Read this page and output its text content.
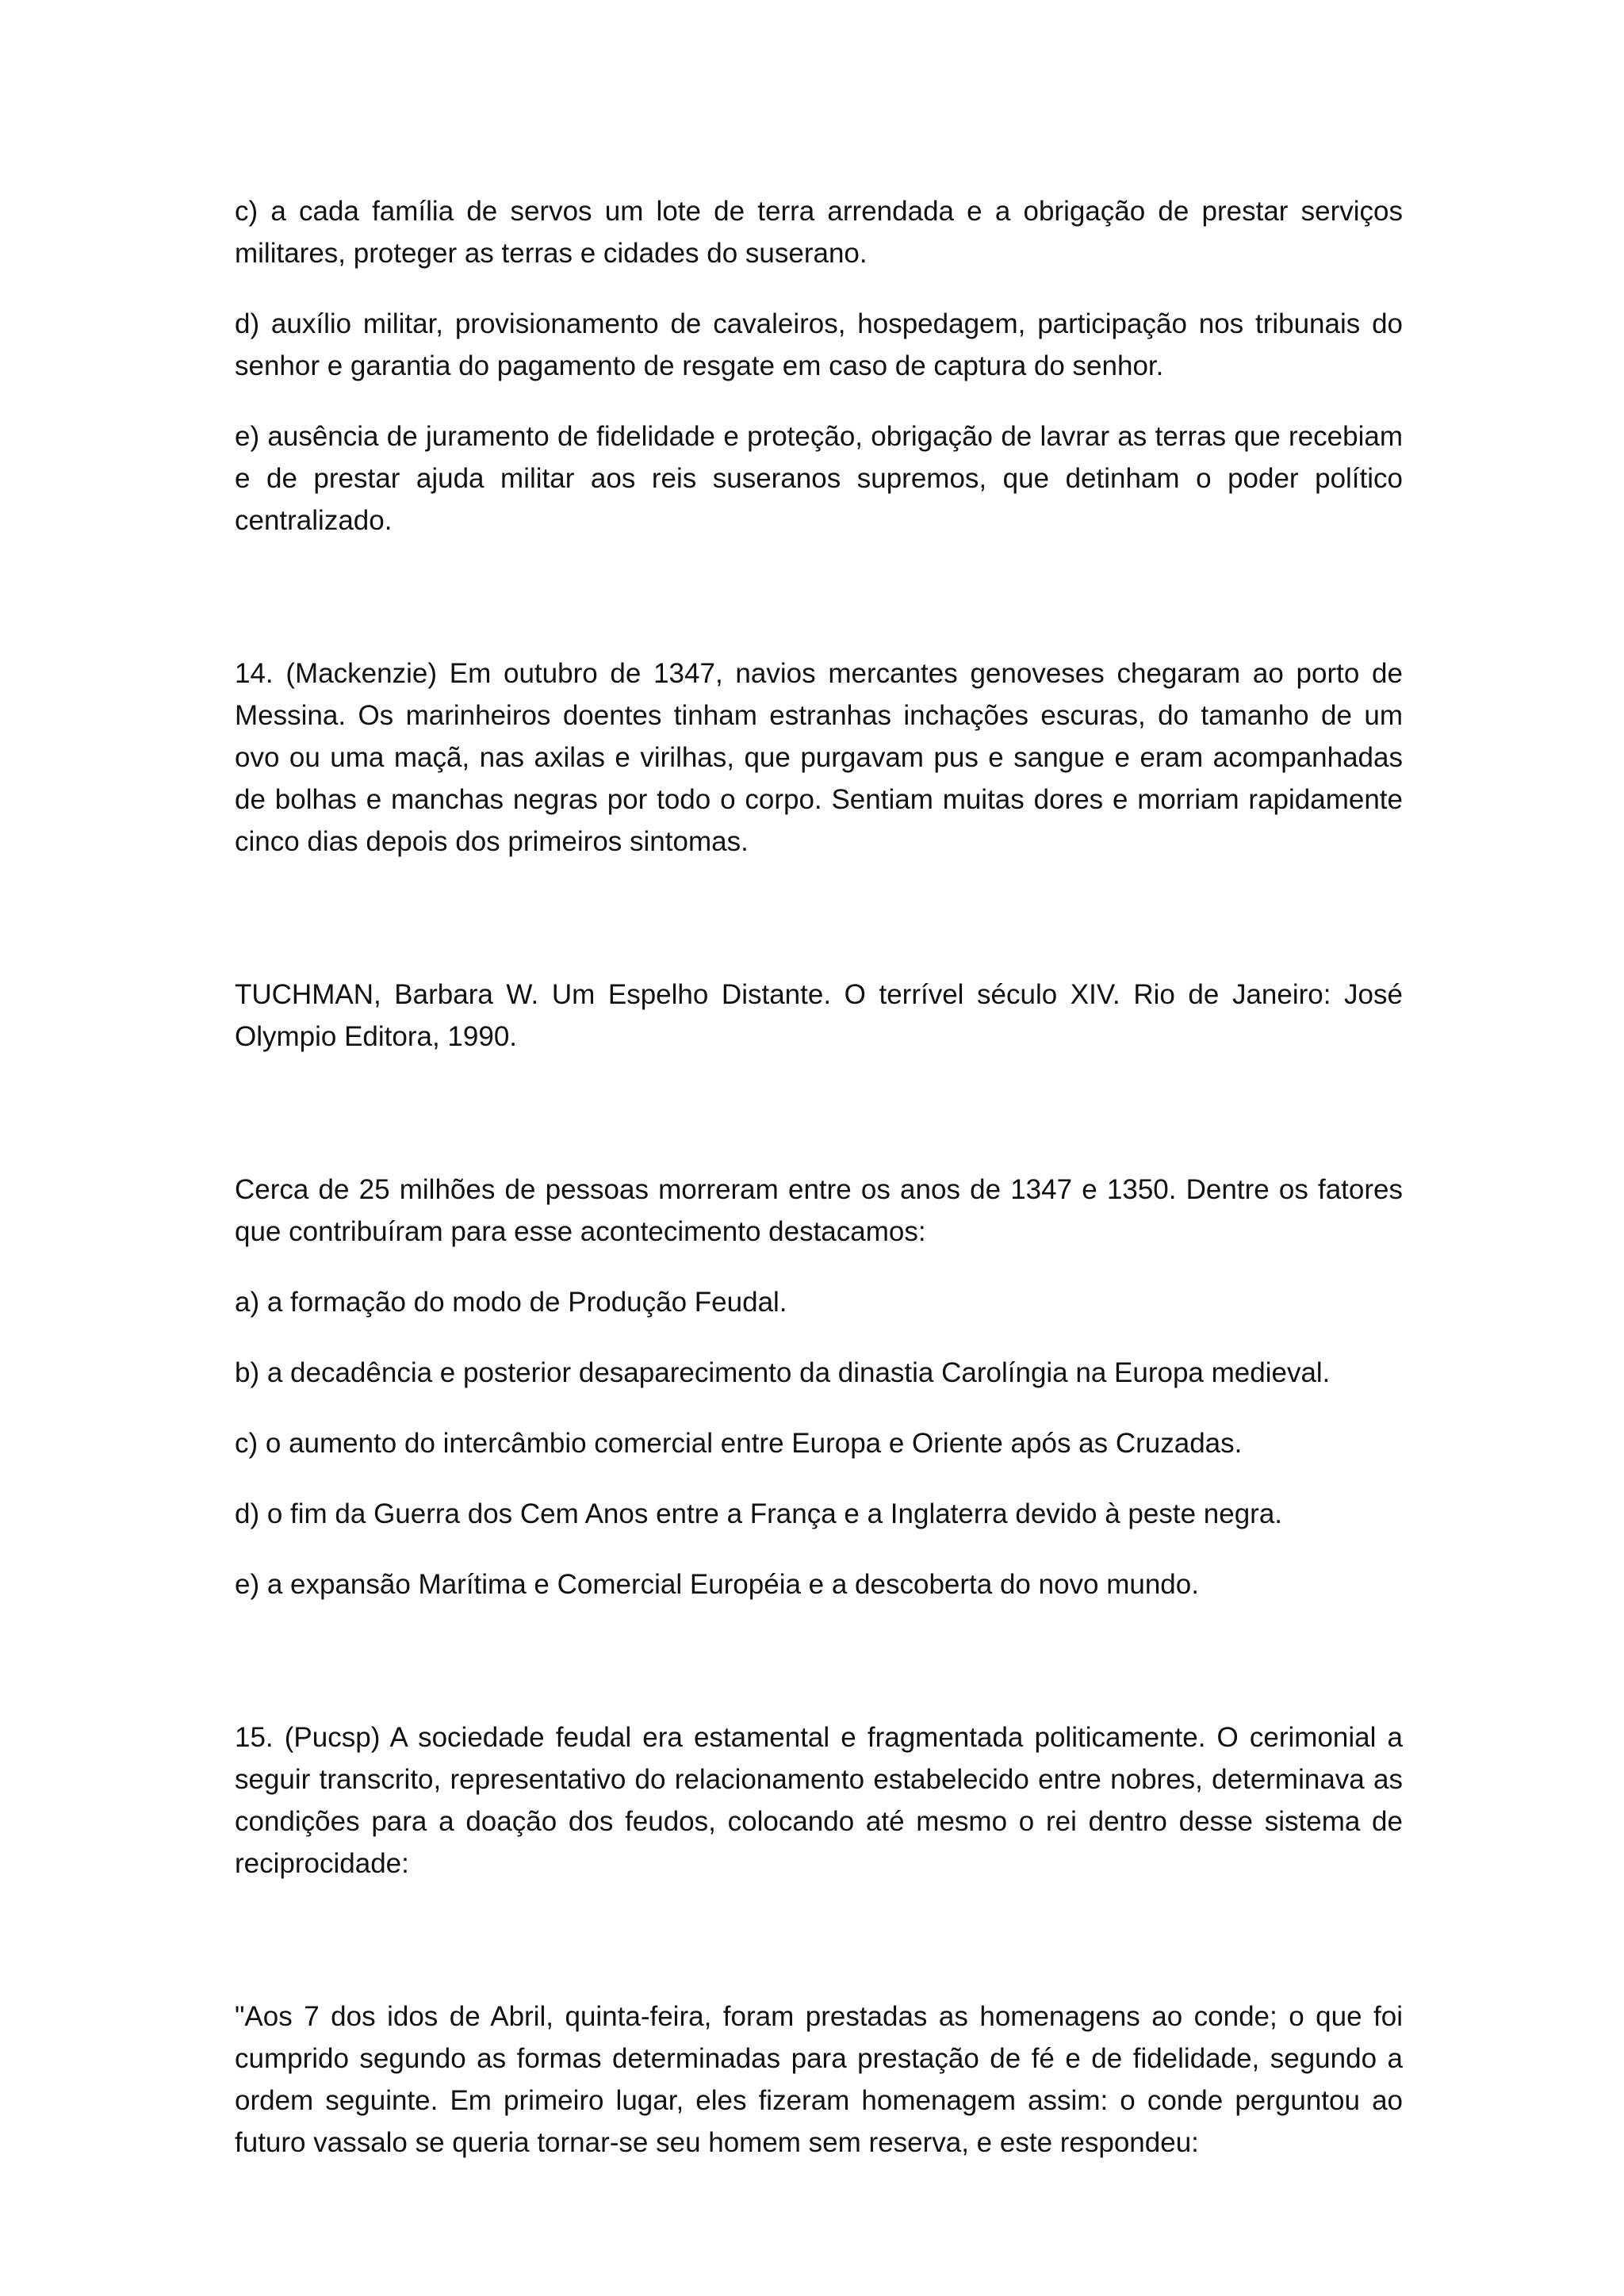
c) a cada família de servos um lote de terra arrendada e a obrigação de prestar serviços militares, proteger as terras e cidades do suserano.

d) auxílio militar, provisionamento de cavaleiros, hospedagem, participação nos tribunais do senhor e garantia do pagamento de resgate em caso de captura do senhor.

e) ausência de juramento de fidelidade e proteção, obrigação de lavrar as terras que recebiam e de prestar ajuda militar aos reis suseranos supremos, que detinham o poder político centralizado.

14. (Mackenzie) Em outubro de 1347, navios mercantes genoveses chegaram ao porto de Messina. Os marinheiros doentes tinham estranhas inchações escuras, do tamanho de um ovo ou uma maçã, nas axilas e virilhas, que purgavam pus e sangue e eram acompanhadas de bolhas e manchas negras por todo o corpo. Sentiam muitas dores e morriam rapidamente cinco dias depois dos primeiros sintomas.

TUCHMAN, Barbara W. Um Espelho Distante. O terrível século XIV. Rio de Janeiro: José Olympio Editora, 1990.

Cerca de 25 milhões de pessoas morreram entre os anos de 1347 e 1350. Dentre os fatores que contribuíram para esse acontecimento destacamos:

a) a formação do modo de Produção Feudal.

b) a decadência e posterior desaparecimento da dinastia Carolíngia na Europa medieval.

c) o aumento do intercâmbio comercial entre Europa e Oriente após as Cruzadas.

d) o fim da Guerra dos Cem Anos entre a França e a Inglaterra devido à peste negra.

e) a expansão Marítima e Comercial Européia e a descoberta do novo mundo.

15. (Pucsp) A sociedade feudal era estamental e fragmentada politicamente. O cerimonial a seguir transcrito, representativo do relacionamento estabelecido entre nobres, determinava as condições para a doação dos feudos, colocando até mesmo o rei dentro desse sistema de reciprocidade:

"Aos 7 dos idos de Abril, quinta-feira, foram prestadas as homenagens ao conde; o que foi cumprido segundo as formas determinadas para prestação de fé e de fidelidade, segundo a ordem seguinte. Em primeiro lugar, eles fizeram homenagem assim: o conde perguntou ao futuro vassalo se queria tornar-se seu homem sem reserva, e este respondeu:
